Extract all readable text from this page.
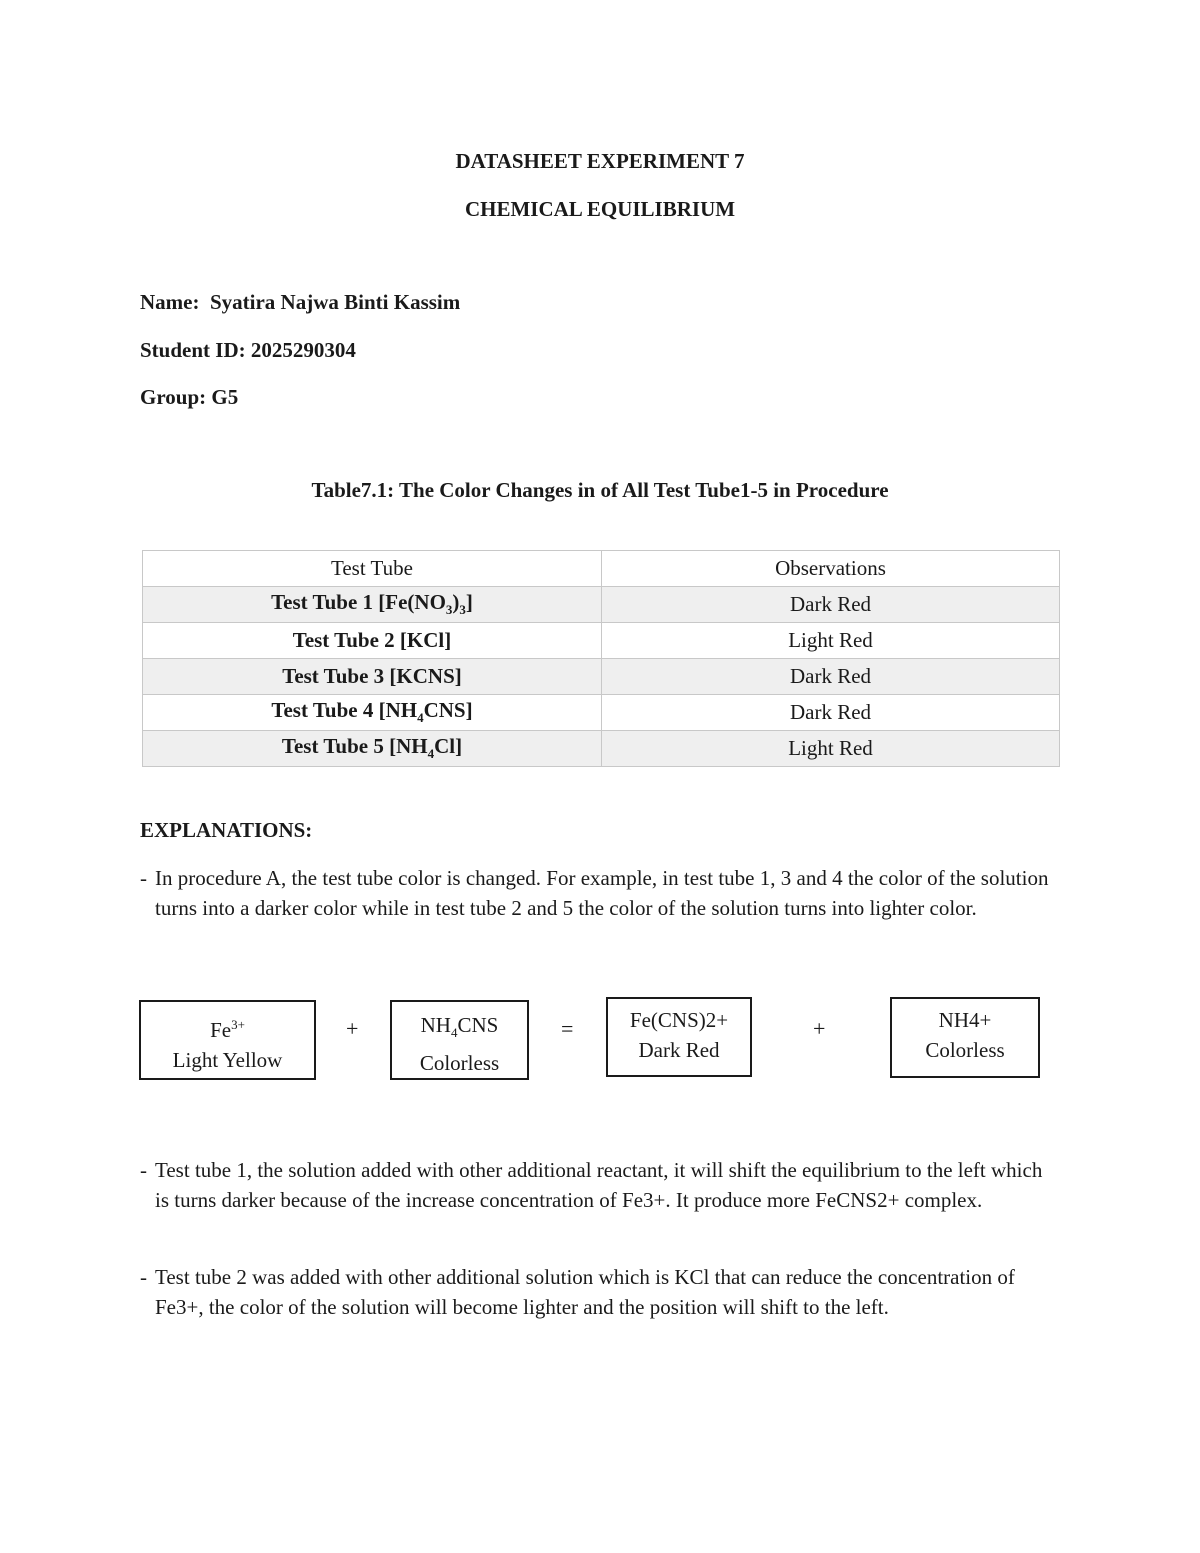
DATASHEET EXPERIMENT 7
CHEMICAL EQUILIBRIUM
Name: Syatira Najwa Binti Kassim
Student ID: 2025290304
Group: G5
Table7.1: The Color Changes in of All Test Tube1-5 in Procedure
Test Tube	Observations
Test Tube 1 $[Fe(NO_3)_3]$	Dark Red
Test Tube 2 [KCl]	Light Red
Test Tube 3 [KCNS]	Dark Red
Test Tube 4 $[NH_4CNS]$	Dark Red
Test Tube 5 $[NH_4Cl]$	Light Red
EXPLANATIONS:
- In procedure A, the test tube color is changed. For example, in test tube 1, 3 and 4 the color of the solution turns into a darker color while in test tube 2 and 5 the color of the solution turns into lighter color.
$Fe^{3+}$
Light Yellow
+	$NH_4CNS$
Colorless
=	Fe(CNS)2+
Dark Red
+	NH4+
Colorless
- Test tube 1, the solution added with other additional reactant, it will shift the equilibrium to the left which is turns darker because of the increase concentration of Fe3+. It produce more FeCNS2+ complex.
- Test tube 2 was added with other additional solution which is KCl that can reduce the concentration of Fe3+, the color of the solution will become lighter and the position will shift to the left.
